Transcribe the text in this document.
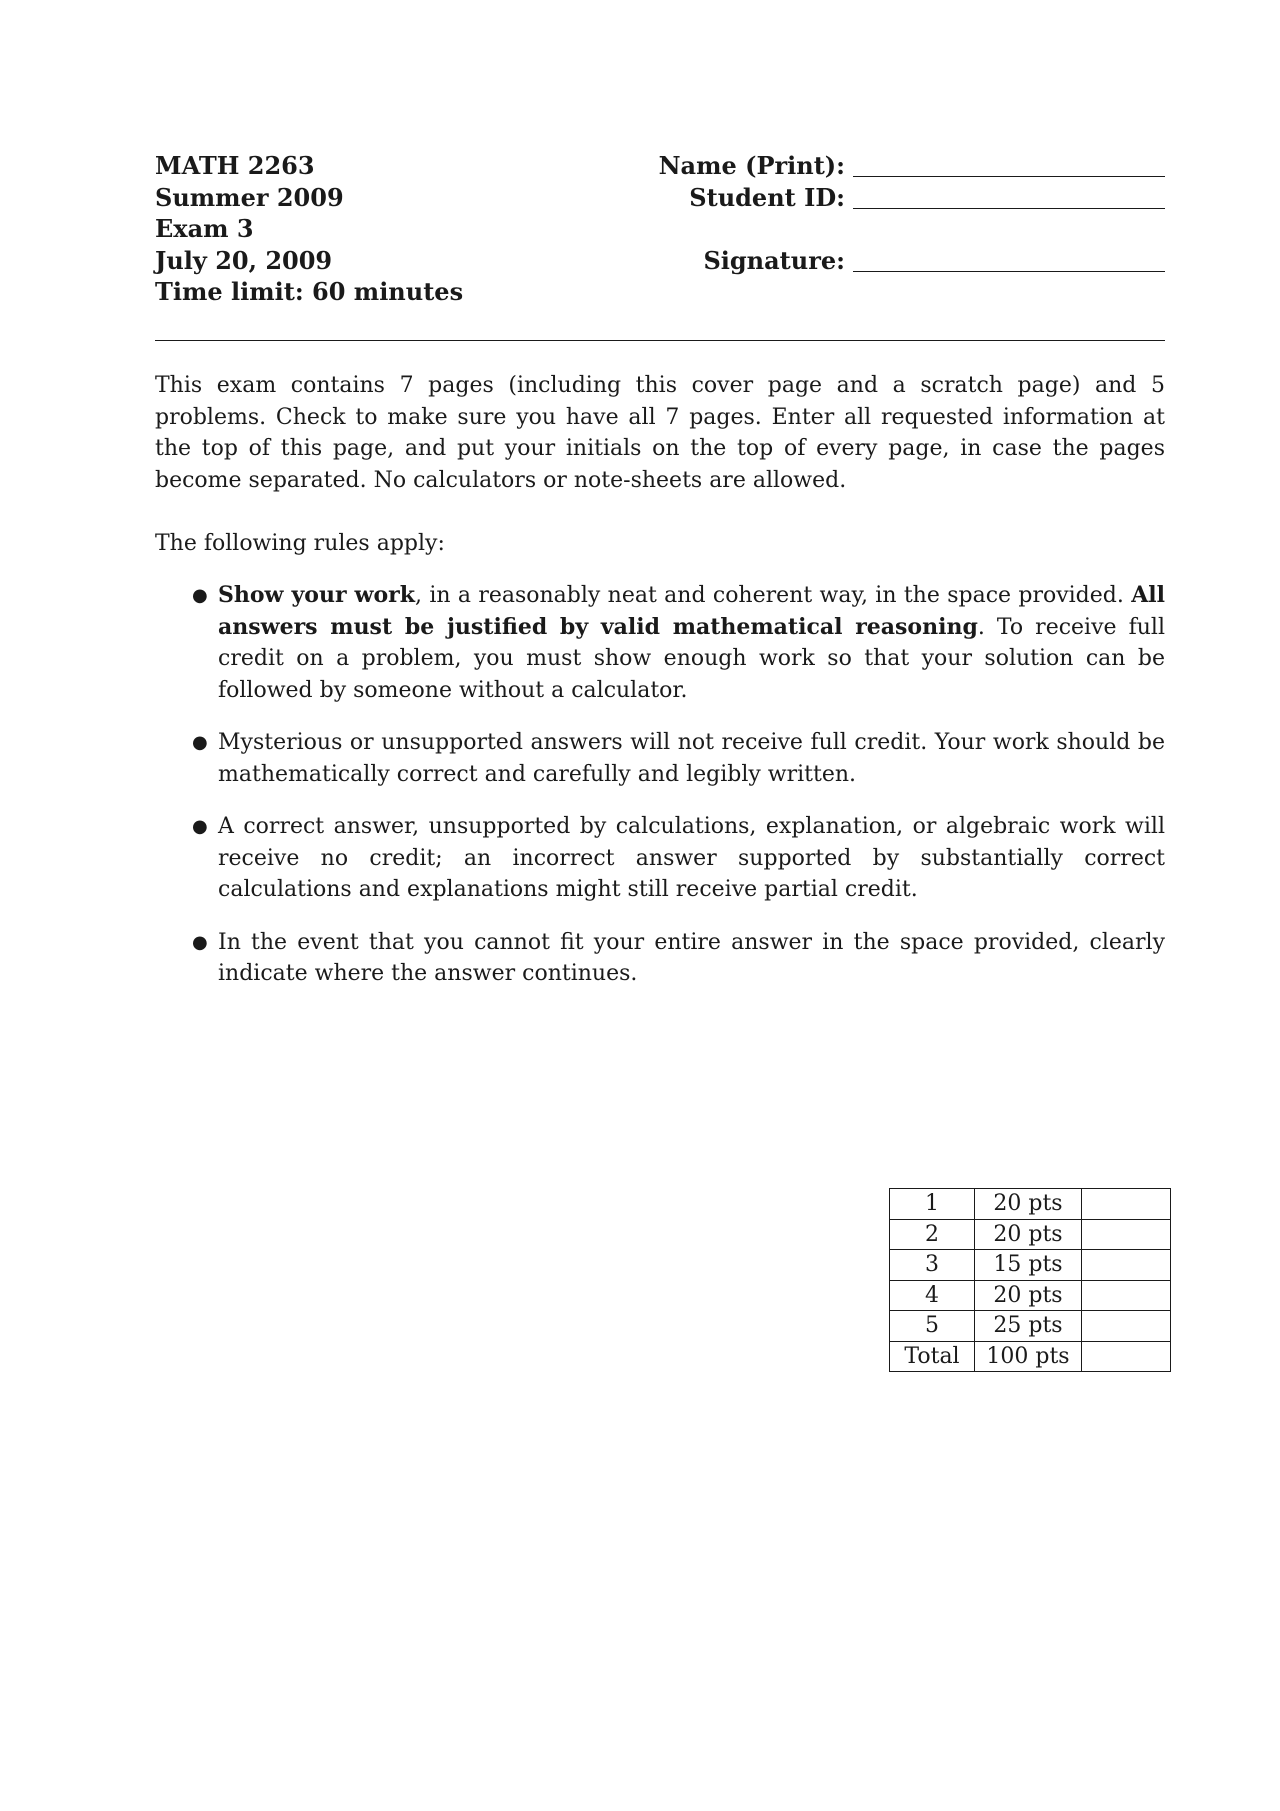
MATH 2263
Summer 2009
Exam 3
July 20, 2009
Time limit: 60 minutes
Name (Print):
Student ID:
Signature:

This exam contains 7 pages (including this cover page and a scratch page) and 5 problems. Check to make sure you have all 7 pages. Enter all requested information at the top of this page, and put your initials on the top of every page, in case the pages become separated. No calculators or note-sheets are allowed.

The following rules apply:

● Show your work, in a reasonably neat and coherent way, in the space provided. All answers must be justified by valid mathematical reasoning. To receive full credit on a problem, you must show enough work so that your solution can be followed by someone without a calculator.
● Mysterious or unsupported answers will not receive full credit. Your work should be mathematically correct and carefully and legibly written.
● A correct answer, unsupported by calculations, explanation, or algebraic work will receive no credit; an incorrect answer supported by substantially correct calculations and explanations might still receive partial credit.
● In the event that you cannot fit your entire answer in the space provided, clearly indicate where the answer continues.
1	20 pts	
2	20 pts	
3	15 pts	
4	20 pts	
5	25 pts	
Total	100 pts	
